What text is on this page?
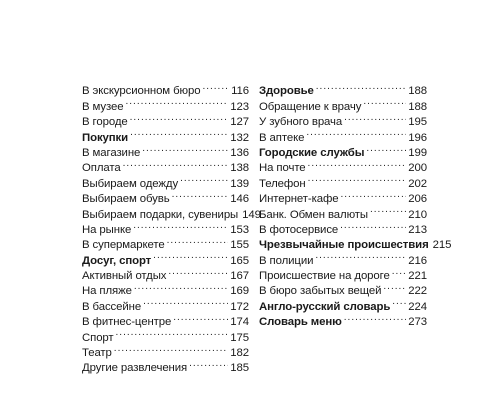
В экскурсионном бюро .....	116
В музее .....	123
В городе .....	127
Покупки .....	132
В магазине .....	136
Оплата .....	138
Выбираем одежду .....	139
Выбираем обувь .....	146
Выбираем подарки, сувениры 149
На рынке .....	153
В супермаркете .....	155
Досуг, спорт .....	165
Активный отдых .....	167
На пляже .....	169
В бассейне .....	172
В фитнес-центре .....	174
Спорт .....	175
Театр .....	182
Другие развлечения .....	185
Здоровье .....	188
Обращение к врачу .....	188
У зубного врача .....	195
В аптеке .....	196
Городские службы .....	199
На почте .....	200
Телефон .....	202
Интернет-кафе .....	206
Банк. Обмен валюты .....	210
В фотосервисе .....	213
Чрезвычайные происшествия 215
В полиции .....	216
Происшествие на дороге ..... 221
В бюро забытых вещей ..... 222
Англо-русский словарь ..... 224
Словарь меню .....	273
